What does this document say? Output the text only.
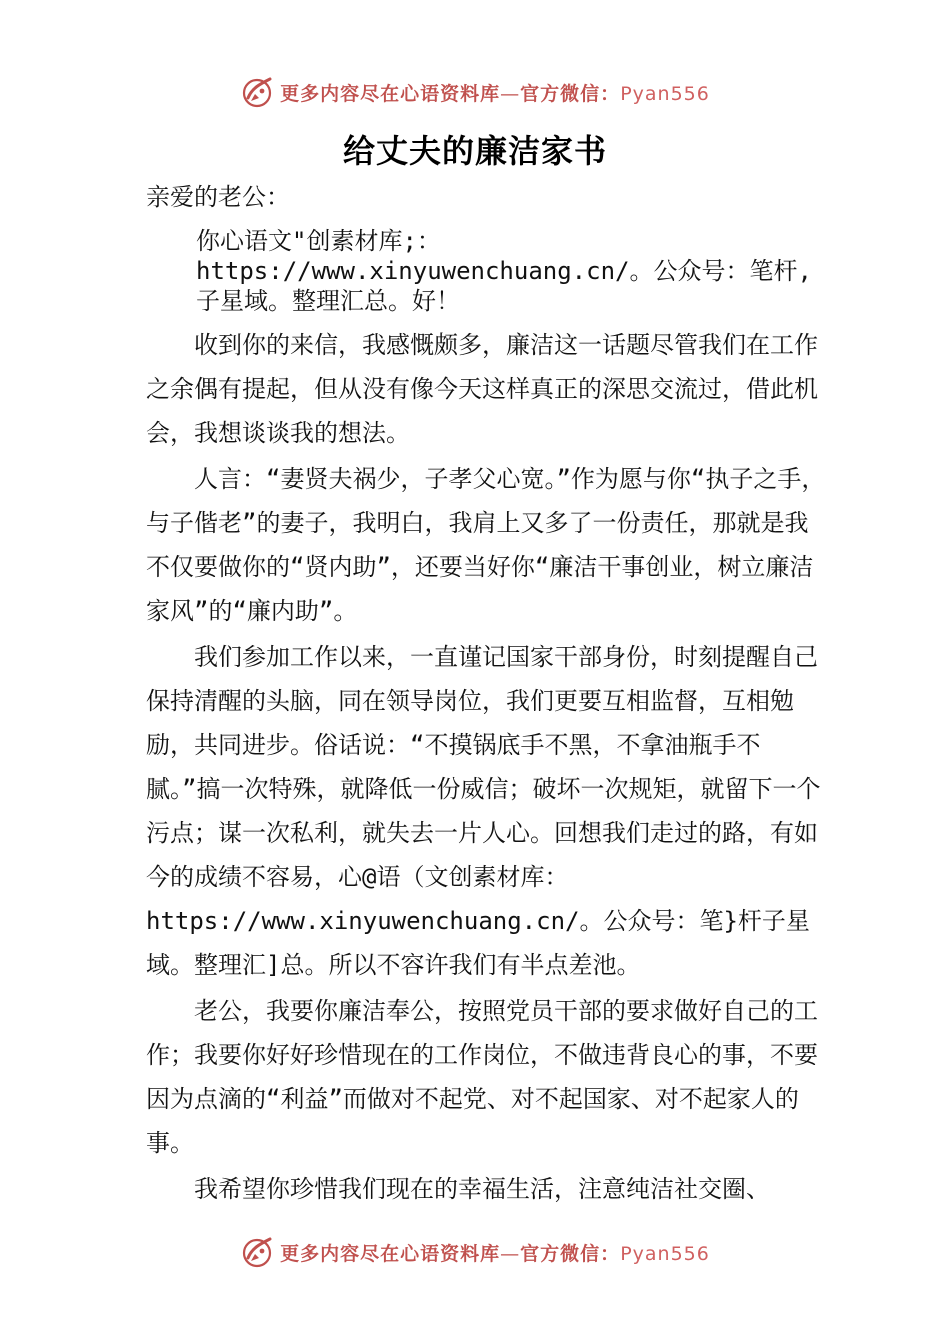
更多内容尽在心语资料库—官方微信：Pyan556
给丈夫的廉洁家书

亲爱的老公：

你心语文"创素材库;：https://www.xinyuwenchuang.cn/。公众号：笔杆,子星域。整理汇总。好！

收到你的来信，我感慨颇多，廉洁这一话题尽管我们在工作之余偶有提起，但从没有像今天这样真正的深思交流过，借此机会，我想谈谈我的想法。

人言：“妻贤夫祸少，子孝父心宽。”作为愿与你“执子之手，与子偕老”的妻子，我明白，我肩上又多了一份责任，那就是我不仅要做你的“贤内助”，还要当好你“廉洁干事创业，树立廉洁家风”的“廉内助”。

我们参加工作以来，一直谨记国家干部身份，时刻提醒自己保持清醒的头脑，同在领导岗位，我们更要互相监督，互相勉励，共同进步。俗话说：“不摸锅底手不黑，不拿油瓶手不腻。”搞一次特殊，就降低一份威信；破坏一次规矩，就留下一个污点；谋一次私利，就失去一片人心。回想我们走过的路，有如今的成绩不容易，心@语（文创素材库：https://www.xinyuwenchuang.cn/。公众号：笔}杆子星域。整理汇]总。所以不容许我们有半点差池。

老公，我要你廉洁奉公，按照党员干部的要求做好自己的工作；我要你好好珍惜现在的工作岗位，不做违背良心的事，不要因为点滴的“利益”而做对不起党、对不起国家、对不起家人的事。

我希望你珍惜我们现在的幸福生活，注意纯洁社交圈、

更多内容尽在心语资料库—官方微信：Pyan556
